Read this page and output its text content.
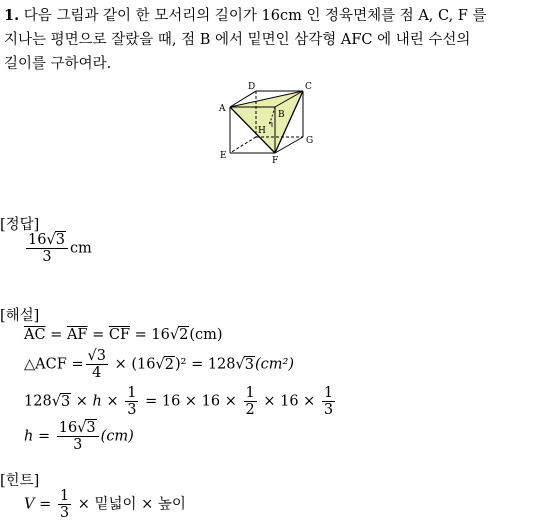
1. 다음 그림과 같이 한 모서리의 길이가 16cm 인 정육면체를 점 A, C, F 를
지나는 평면으로 잘랐을 때, 점 B 에서 밑면인 삼각형 AFC 에 내린 수선의
길이를 구하여라.
D	C
A
B
H
G
E	F
[정답]
$\frac{16√3}{3}$ cm
[해설]
$\overline{AC} = \overline{AF} = \overline{CF} = 16√2(cm)$
△ACF = $\frac{√3}{4} \times (16√2)^2 = 128√3(cm^2)$
$128√3 \times h \times \frac{1}{3} = 16 \times 16 \times \frac{1}{2} \times 16 \times \frac{1}{3}$
$h = \frac{16√3}{3} (cm)$
[힌트]
$V = \frac{1}{3}$ × 밑넓이 × 높이
